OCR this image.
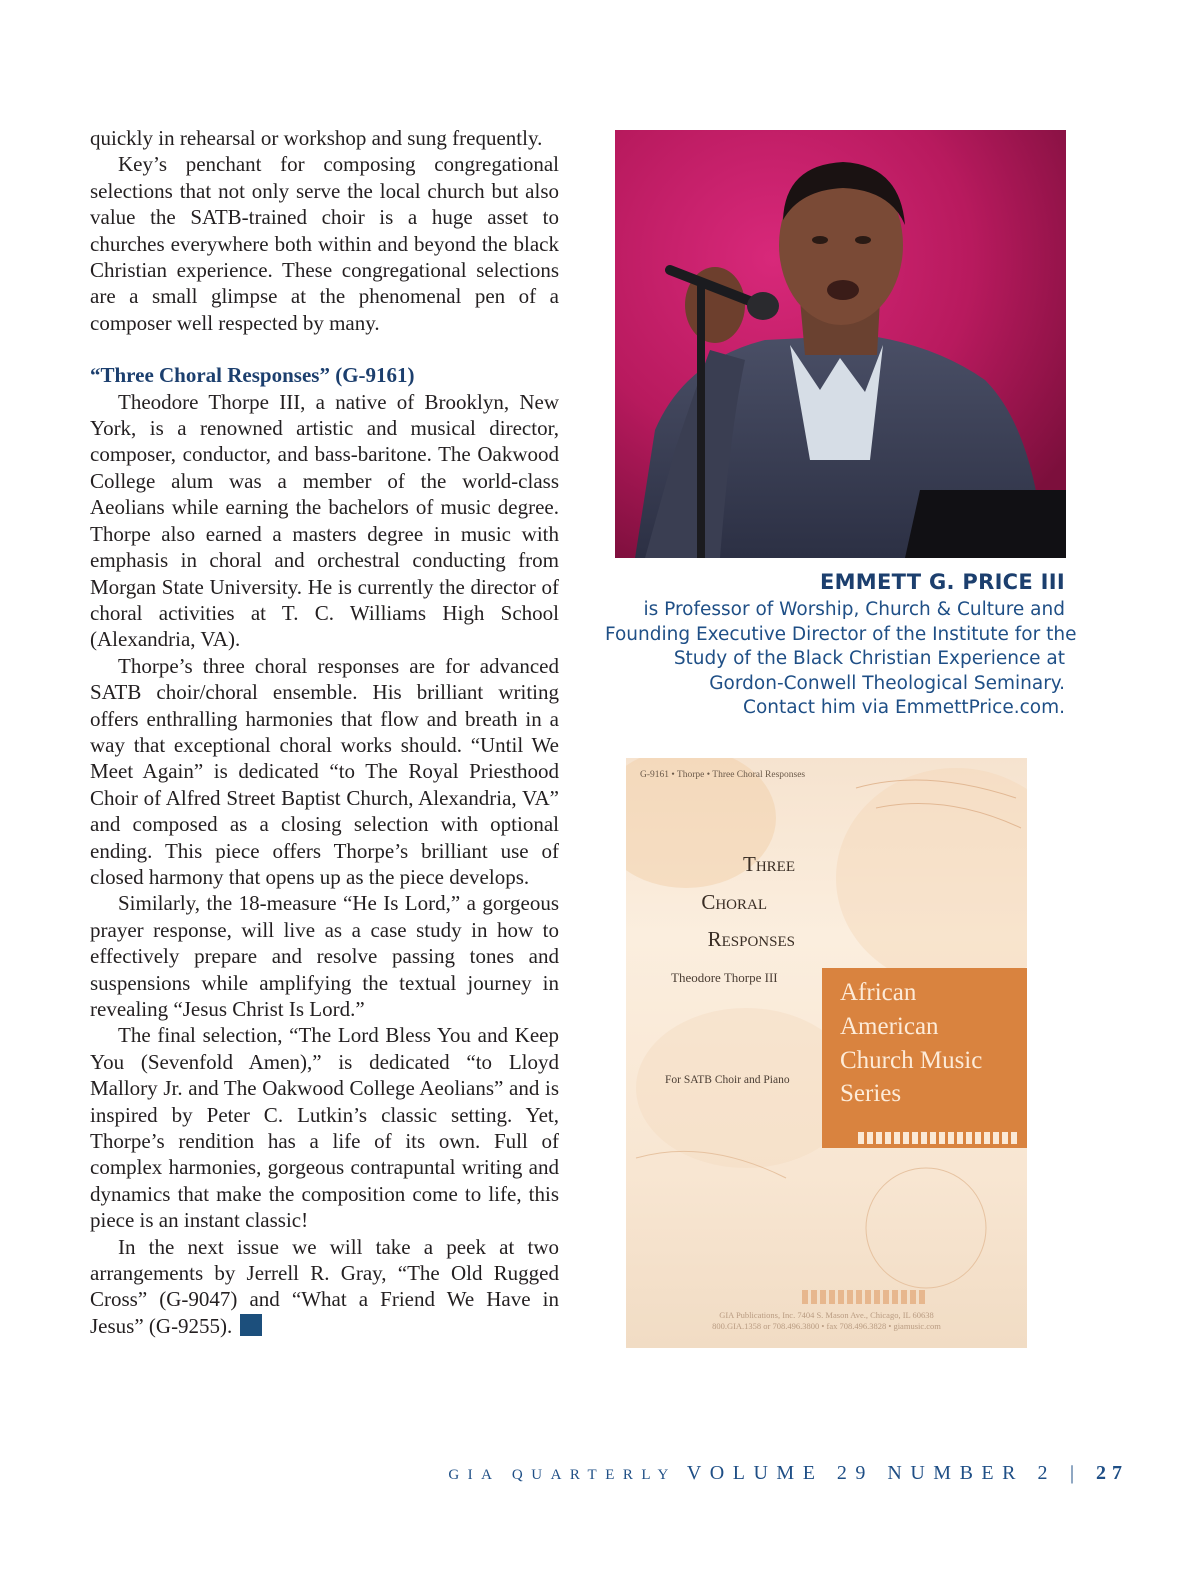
quickly in rehearsal or workshop and sung frequently.

Key’s penchant for composing congregational selections that not only serve the local church but also value the SATB-trained choir is a huge asset to churches everywhere both within and beyond the black Christian experience. These congregational selections are a small glimpse at the phenomenal pen of a composer well respected by many.

“Three Choral Responses” (G-9161)

Theodore Thorpe III, a native of Brooklyn, New York, is a renowned artistic and musical director, composer, conductor, and bass-baritone. The Oakwood College alum was a member of the world-class Aeolians while earning the bachelors of music degree. Thorpe also earned a masters degree in music with emphasis in choral and orchestral conducting from Morgan State University. He is currently the director of choral activities at T. C. Williams High School (Alexandria, VA).

Thorpe’s three choral responses are for advanced SATB choir/choral ensemble. His brilliant writing offers enthralling harmonies that flow and breath in a way that exceptional choral works should. “Until We Meet Again” is dedicated “to The Royal Priesthood Choir of Alfred Street Baptist Church, Alexandria, VA” and composed as a closing selection with optional ending. This piece offers Thorpe’s brilliant use of closed harmony that opens up as the piece develops.

Similarly, the 18-measure “He Is Lord,” a gorgeous prayer response, will live as a case study in how to effectively prepare and resolve passing tones and suspensions while amplifying the textual journey in revealing “Jesus Christ Is Lord.”

The final selection, “The Lord Bless You and Keep You (Sevenfold Amen),” is dedicated “to Lloyd Mallory Jr. and The Oakwood College Aeolians” and is inspired by Peter C. Lutkin’s classic setting. Yet, Thorpe’s rendition has a life of its own. Full of complex harmonies, gorgeous contrapuntal writing and dynamics that make the composition come to life, this piece is an instant classic!

In the next issue we will take a peek at two arrangements by Jerrell R. Gray, “The Old Rugged Cross” (G-9047) and “What a Friend We Have in Jesus” (G-9255).

EMMETT G. PRICE III
is Professor of Worship, Church & Culture and
Founding Executive Director of the Institute for the
Study of the Black Christian Experience at
Gordon-Conwell Theological Seminary.
Contact him via EmmettPrice.com.
G-9161 • Thorpe • Three Choral Responses
Three
Choral
Responses
Theodore Thorpe III
For SATB Choir and Piano
African
American
Church Music
Series
GIA Publications, Inc. 7404 S. Mason Ave., Chicago, IL 60638
800.GIA.1358 or 708.496.3800 • fax 708.496.3828 • giamusic.com
GIA QUARTERLY VOLUME 29 NUMBER 2 | 27
